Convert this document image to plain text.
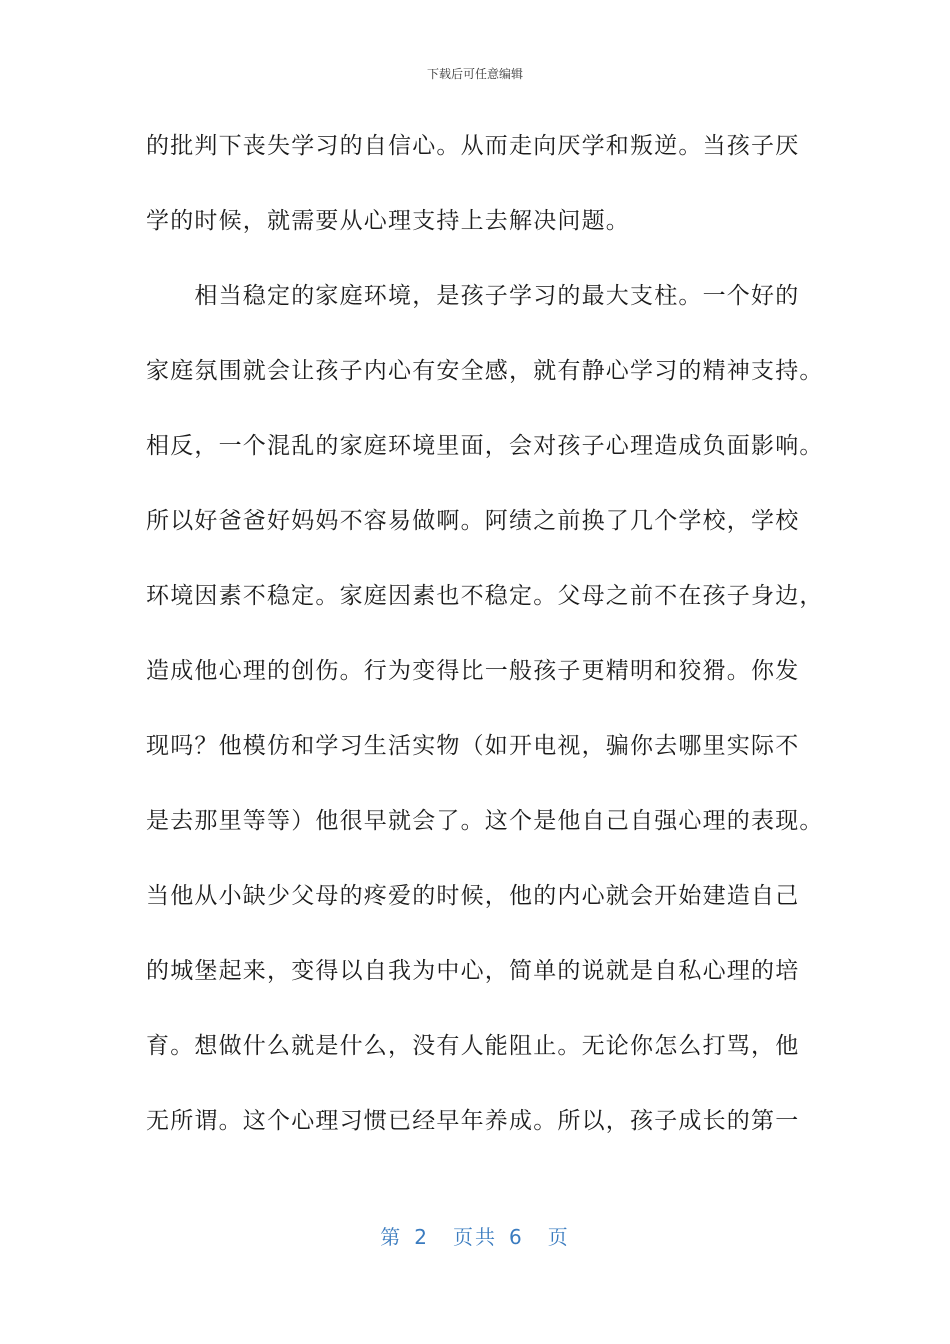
下载后可任意编辑
的批判下丧失学习的自信心。从而走向厌学和叛逆。当孩子厌
学的时候，就需要从心理支持上去解决问题。
　　相当稳定的家庭环境，是孩子学习的最大支柱。一个好的
家庭氛围就会让孩子内心有安全感，就有静心学习的精神支持。
相反，一个混乱的家庭环境里面，会对孩子心理造成负面影响。
所以好爸爸好妈妈不容易做啊。阿绩之前换了几个学校，学校
环境因素不稳定。家庭因素也不稳定。父母之前不在孩子身边，
造成他心理的创伤。行为变得比一般孩子更精明和狡猾。你发
现吗？他模仿和学习生活实物（如开电视，骗你去哪里实际不
是去那里等等）他很早就会了。这个是他自己自强心理的表现。
当他从小缺少父母的疼爱的时候，他的内心就会开始建造自己
的城堡起来，变得以自我为中心，简单的说就是自私心理的培
育。想做什么就是什么，没有人能阻止。无论你怎么打骂，他
无所谓。这个心理习惯已经早年养成。所以，孩子成长的第一
第 2 页共 6 页
